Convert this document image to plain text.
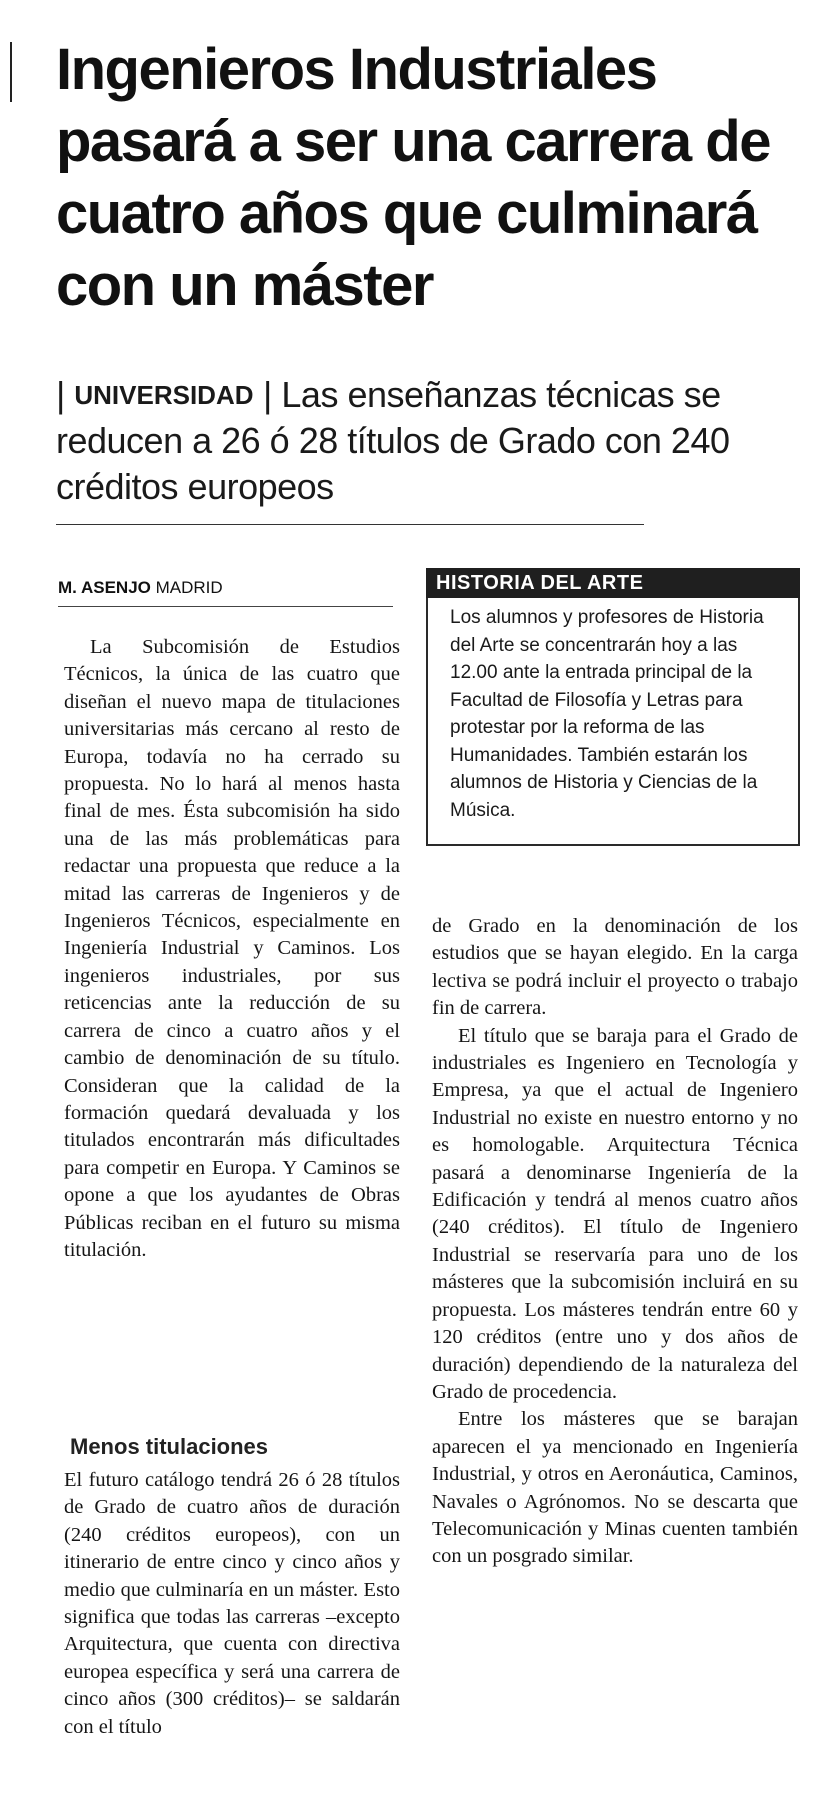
Ingenieros Industriales pasará a ser una carrera de cuatro años que culminará con un máster
| UNIVERSIDAD | Las enseñanzas técnicas se reducen a 26 ó 28 títulos de Grado con 240 créditos europeos
M. ASENJO MADRID

La Subcomisión de Estudios Técnicos, la única de las cuatro que diseñan el nuevo mapa de titulaciones universitarias más cercano al resto de Europa, todavía no ha cerrado su propuesta. No lo hará al menos hasta final de mes. Ésta subcomisión ha sido una de las más problemáticas para redactar una propuesta que reduce a la mitad las carreras de Ingenieros y de Ingenieros Técnicos, especialmente en Ingeniería Industrial y Caminos. Los ingenieros industriales, por sus reticencias ante la reducción de su carrera de cinco a cuatro años y el cambio de denominación de su título. Consideran que la calidad de la formación quedará devaluada y los titulados encontrarán más dificultades para competir en Europa. Y Caminos se opone a que los ayudantes de Obras Públicas reciban en el futuro su misma titulación.

Menos titulaciones

El futuro catálogo tendrá 26 ó 28 títulos de Grado de cuatro años de duración (240 créditos europeos), con un itinerario de entre cinco y cinco años y medio que culminaría en un máster. Esto significa que todas las carreras –excepto Arquitectura, que cuenta con directiva europea específica y será una carrera de cinco años (300 créditos)– se saldarán con el título

HISTORIA DEL ARTE
Los alumnos y profesores de Historia del Arte se concentrarán hoy a las 12.00 ante la entrada principal de la Facultad de Filosofía y Letras para protestar por la reforma de las Humanidades. También estarán los alumnos de Historia y Ciencias de la Música.

de Grado en la denominación de los estudios que se hayan elegido. En la carga lectiva se podrá incluir el proyecto o trabajo fin de carrera.

El título que se baraja para el Grado de industriales es Ingeniero en Tecnología y Empresa, ya que el actual de Ingeniero Industrial no existe en nuestro entorno y no es homologable. Arquitectura Técnica pasará a denominarse Ingeniería de la Edificación y tendrá al menos cuatro años (240 créditos). El título de Ingeniero Industrial se reservaría para uno de los másteres que la subcomisión incluirá en su propuesta. Los másteres tendrán entre 60 y 120 créditos (entre uno y dos años de duración) dependiendo de la naturaleza del Grado de procedencia.

Entre los másteres que se barajan aparecen el ya mencionado en Ingeniería Industrial, y otros en Aeronáutica, Caminos, Navales o Agrónomos. No se descarta que Telecomunicación y Minas cuenten también con un posgrado similar.
